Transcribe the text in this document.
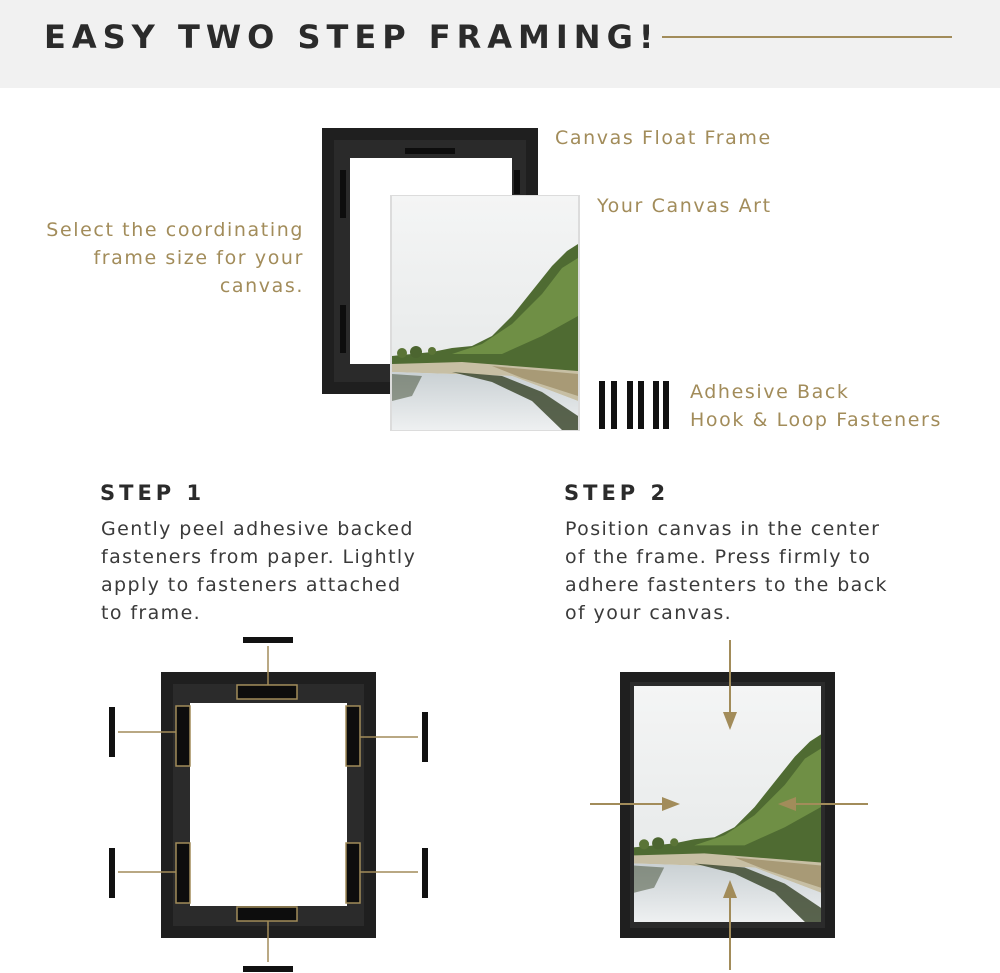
EASY TWO STEP FRAMING!
Select the coordinating
frame size for your
canvas.
Canvas Float Frame
Your Canvas Art
Adhesive Back
Hook & Loop Fasteners
STEP 1
Gently peel adhesive backed
fasteners from paper. Lightly
apply to fasteners attached
to frame.
STEP 2
Position canvas in the center
of the frame. Press firmly to
adhere fastenters to the back
of your canvas.
